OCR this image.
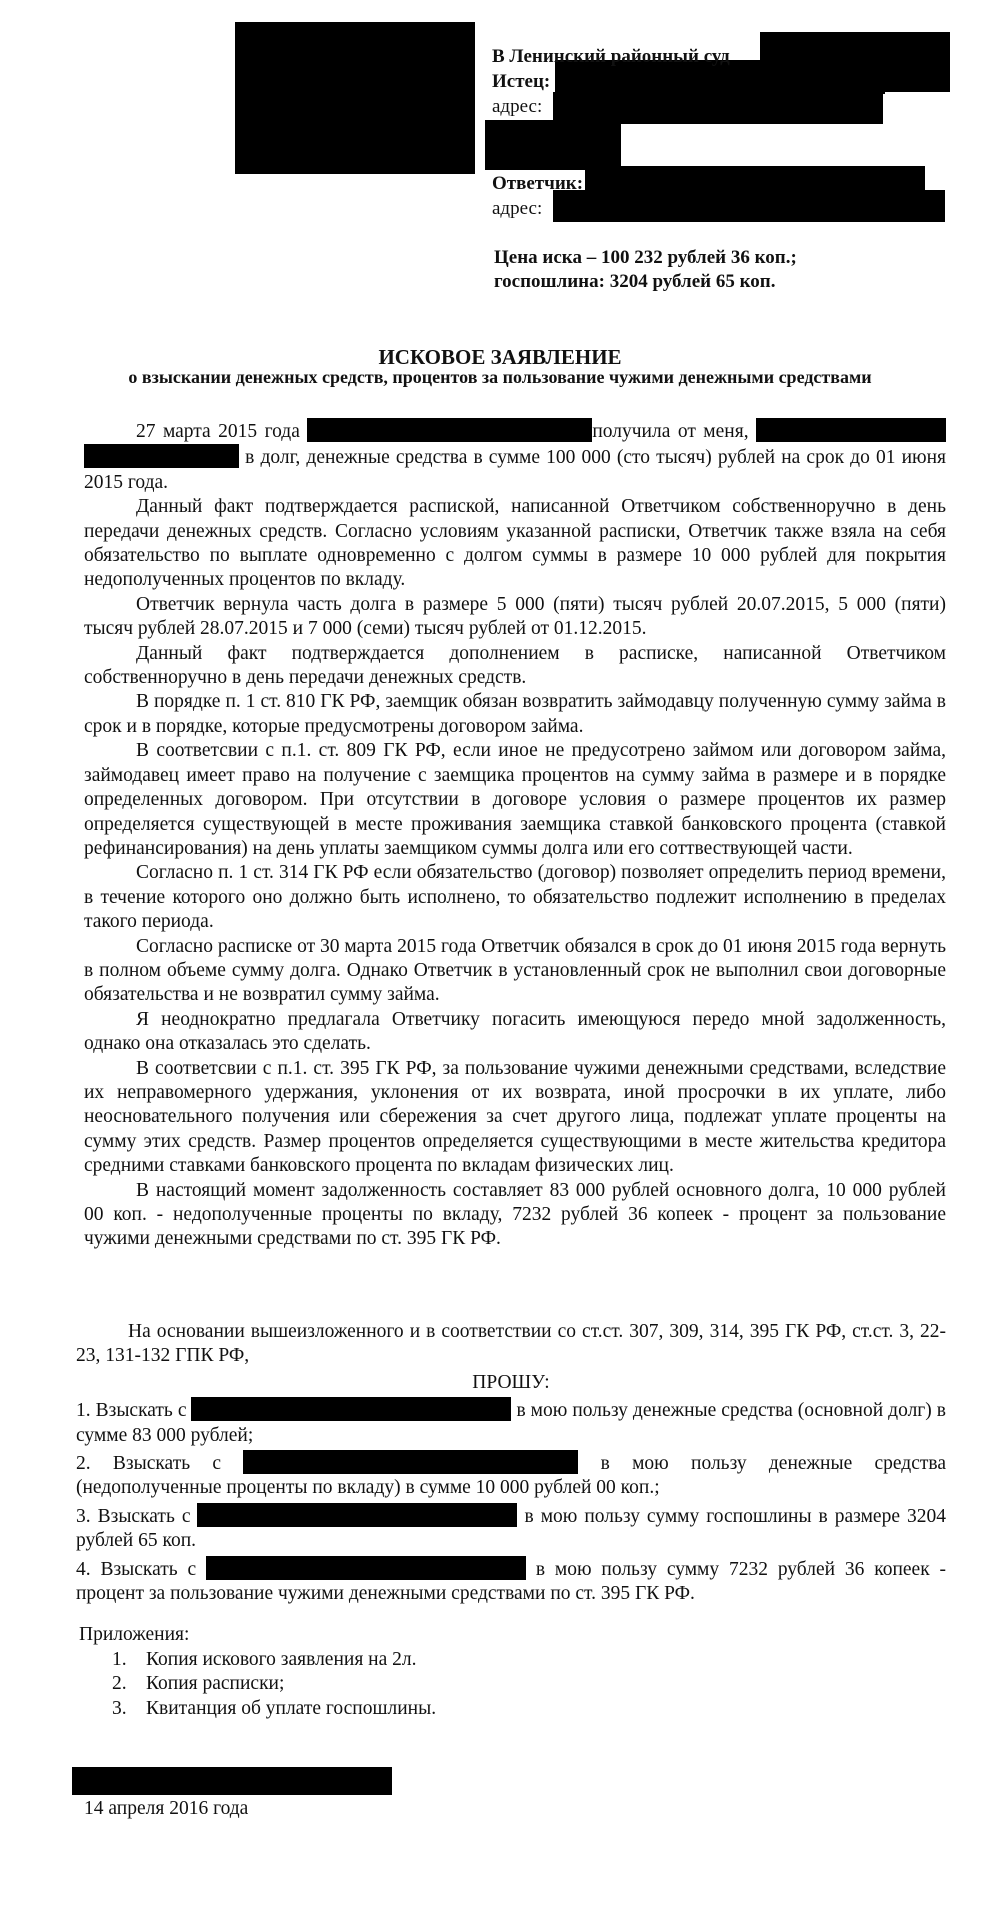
В Ленинский районный суд
Истец:
адрес:
Ответчик:
адрес:
Цена иска – 100 232 рублей 36 коп.;
госпошлина: 3204 рублей 65 коп.
ИСКОВОЕ ЗАЯВЛЕНИЕ
о взыскании денежных средств, процентов за пользование чужими денежными средствами

27 марта 2015 года	получила от меня,   в долг, денежные средства в сумме 100 000 (сто тысяч) рублей на срок до 01 июня 2015 года.

Данный факт подтверждается распиской, написанной Ответчиком собственноручно в день передачи денежных средств. Согласно условиям указанной расписки, Ответчик также взяла на себя обязательство по выплате одновременно с долгом суммы в размере 10 000 рублей для покрытия недополученных процентов по вкладу.

Ответчик вернула часть долга в размере 5 000 (пяти) тысяч рублей 20.07.2015, 5 000 (пяти) тысяч рублей 28.07.2015 и 7 000 (семи) тысяч рублей от 01.12.2015.

Данный факт подтверждается дополнением в расписке, написанной Ответчиком собственноручно в день передачи денежных средств.

В порядке п. 1 ст. 810 ГК РФ, заемщик обязан возвратить займодавцу полученную сумму займа в срок и в порядке, которые предусмотрены договором займа.

В соответсвии с п.1. ст. 809 ГК РФ, если иное не предусотрено займом или договором займа, займодавец имеет право на получение с заемщика процентов на сумму займа в размере и в порядке определенных договором. При отсутствии в договоре условия о размере процентов их размер определяется существующей в месте проживания заемщика ставкой банковского процента (ставкой рефинансирования) на день уплаты заемщиком суммы долга или его соттвествующей части.

Согласно п. 1 ст. 314 ГК РФ если обязательство (договор) позволяет определить период времени, в течение которого оно должно быть исполнено, то обязательство подлежит исполнению в пределах такого периода.

Согласно расписке от 30 марта 2015 года Ответчик обязался в срок до 01 июня 2015 года вернуть в полном объеме сумму долга. Однако Ответчик в установленный срок не выполнил свои договорные обязательства и не возвратил сумму займа.

Я неоднократно предлагала Ответчику погасить имеющуюся передо мной задолженность, однако она отказалась это сделать.

В соответсвии с п.1. ст. 395 ГК РФ, за пользование чужими денежными средствами, вследствие их неправомерного удержания, уклонения от их возврата, иной просрочки в их уплате, либо неосновательного получения или сбережения за счет другого лица, подлежат уплате проценты на сумму этих средств. Размер процентов определяется существующими в месте жительства кредитора средними ставками банковского процента по вкладам физических лиц.

В настоящий момент задолженность составляет 83 000 рублей основного долга, 10 000 рублей 00 коп. - недополученные проценты по вкладу, 7232 рублей 36 копеек - процент за пользование чужими денежными средствами по ст. 395 ГК РФ.

На основании вышеизложенного и в соответствии со ст.ст. 307, 309, 314, 395 ГК РФ, ст.ст. 3, 22-23, 131-132 ГПК РФ,

ПРОШУ:

1. Взыскать с	в мою пользу денежные средства (основной долг) в сумме 83 000 рублей;

2. Взыскать с	в мою пользу денежные средства (недополученные проценты по вкладу) в сумме 10 000 рублей 00 коп.;

3. Взыскать с	в мою пользу сумму госпошлины в размере 3204 рублей 65 коп.

4. Взыскать с	в мою пользу сумму 7232 рублей 36 копеек - процент за пользование чужими денежными средствами по ст. 395 ГК РФ.

Приложения:
1. Копия искового заявления на 2л.
2. Копия расписки;
3. Квитанция об уплате госпошлины.
14 апреля 2016 года
